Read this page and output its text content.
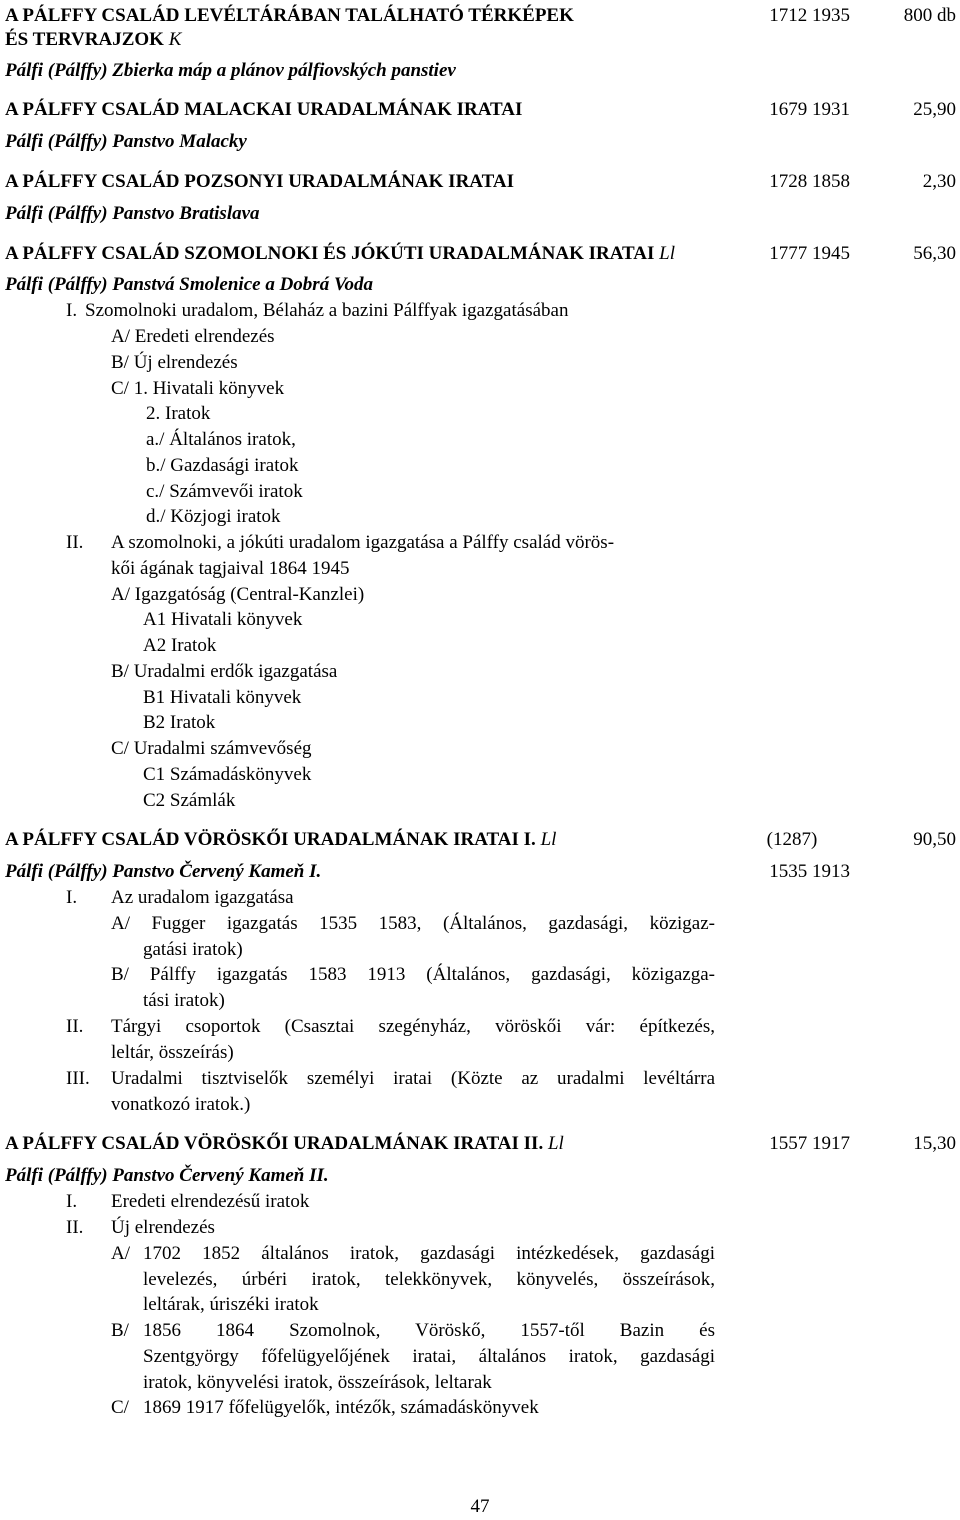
A PÁLFFY CSALÁD LEVÉLTÁRÁBAN TALÁLHATÓ TÉRKÉPEK	1712 1935	800 db
ÉS TERVRAJZOK K
Pálfi (Pálffy) Zbierka máp a plánov pálfiovských panstiev
A PÁLFFY CSALÁD MALACKAI URADALMÁNAK IRATAI	1679 1931	25,90
Pálfi (Pálffy) Panstvo Malacky
A PÁLFFY CSALÁD POZSONYI URADALMÁNAK IRATAI	1728 1858	2,30
Pálfi (Pálffy) Panstvo Bratislava
A PÁLFFY CSALÁD SZOMOLNOKI ÉS JÓKÚTI URADALMÁNAK IRATAI Ll	1777 1945	56,30
Pálfi (Pálffy) Panstvá Smolenice a Dobrá Voda
I. Szomolnoki uradalom, Bélaház a bazini Pálffyak igazgatásában
A/ Eredeti elrendezés
B/ Új elrendezés
C/ 1. Hivatali könyvek
2. Iratok
a./ Általános iratok,
b./ Gazdasági iratok
c./ Számvevői iratok
d./ Közjogi iratok
II. A szomolnoki, a jókúti uradalom igazgatása a Pálffy család vörös-
kői ágának tagjaival 1864 1945
A/ Igazgatóság (Central-Kanzlei)
A1 Hivatali könyvek
A2 Iratok
B/ Uradalmi erdők igazgatása
B1 Hivatali könyvek
B2 Iratok
C/ Uradalmi számvevőség
C1 Számadáskönyvek
C2 Számlák
A PÁLFFY CSALÁD VÖRÖSKŐI URADALMÁNAK IRATAI I. Ll	(1287)	90,50
Pálfi (Pálffy) Panstvo Červený Kameň I.	1535 1913
I. Az uradalom igazgatása
A/ Fugger igazgatás 1535 1583, (Általános, gazdasági, közigaz-
gatási iratok)
B/ Pálffy igazgatás 1583 1913 (Általános, gazdasági, közigazga-
tási iratok)
II. Tárgyi csoportok (Csasztai szegényház, vöröskői vár: építkezés,
leltár, összeírás)
III. Uradalmi tisztviselők személyi iratai (Közte az uradalmi levéltárra
vonatkozó iratok.)
A PÁLFFY CSALÁD VÖRÖSKŐI URADALMÁNAK IRATAI II. Ll	1557 1917	15,30
Pálfi (Pálffy) Panstvo Červený Kameň II.
I. Eredeti elrendezésű iratok
II. Új elrendezés
A/ 1702 1852 általános iratok, gazdasági intézkedések, gazdasági
levelezés, úrbéri iratok, telekkönyvek, könyvelés, összeírások,
leltárak, úriszéki iratok
B/ 1856 1864 Szomolnok, Vöröskő, 1557-től Bazin és
Szentgyörgy főfelügyelőjének iratai, általános iratok, gazdasági
iratok, könyvelési iratok, összeírások, leltarak
C/ 1869 1917 főfelügyelők, intézők, számadáskönyvek
47
